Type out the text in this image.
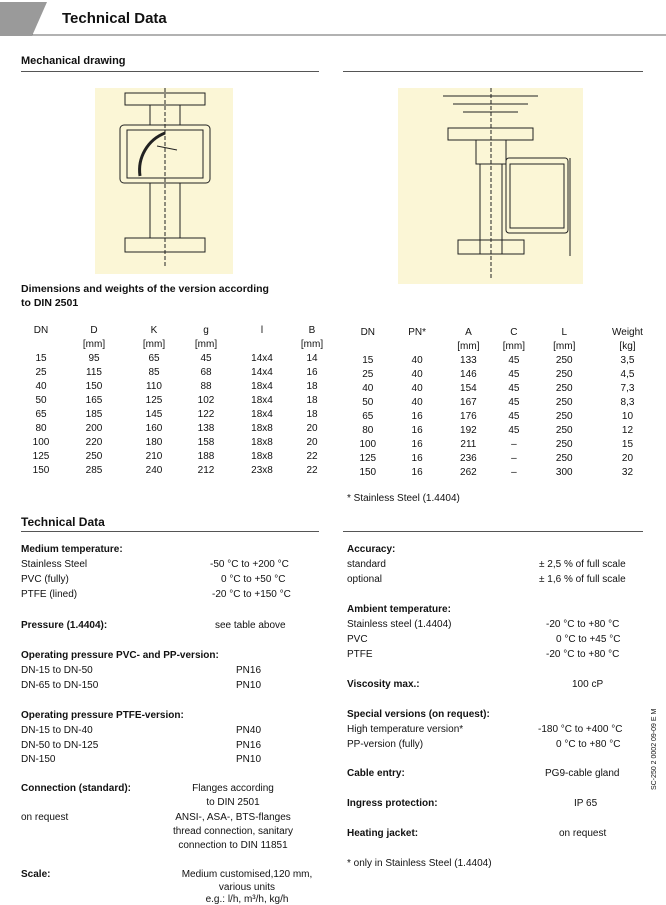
Technical Data
Mechanical drawing
Dimensions and weights of the version according
to DIN 2501
DN	D	K	g	l	B
	[mm]	[mm]	[mm]		[mm]
15	95	65	45	14x4	14
25	115	85	68	14x4	16
40	150	110	88	18x4	18
50	165	125	102	18x4	18
65	185	145	122	18x4	18
80	200	160	138	18x8	20
100	220	180	158	18x8	20
125	250	210	188	18x8	22
150	285	240	212	23x8	22
DN	PN*	A	C	L	Weight
		[mm]	[mm]	[mm]	[kg]
15	40	133	45	250	3,5
25	40	146	45	250	4,5
40	40	154	45	250	7,3
50	40	167	45	250	8,3
65	16	176	45	250	10
80	16	192	45	250	12
100	16	211	–	250	15
125	16	236	–	250	20
150	16	262	–	300	32
* Stainless Steel (1.4404)
Technical Data
Medium temperature:
Stainless Steel	-50 °C to +200 °C
PVC (fully)	0 °C to +50 °C
PTFE (lined)	-20 °C to +150 °C
Pressure (1.4404):	see table above
Operating pressure PVC- and PP-version:
DN-15 to DN-50	PN16
DN-65 to DN-150	PN10
Operating pressure PTFE-version:
DN-15 to DN-40	PN40
DN-50 to DN-125	PN16
DN-150	PN10
Connection (standard):	Flanges according
to DIN 2501
on request	ANSI-, ASA-, BTS-flanges
thread connection, sanitary
connection to DIN 11851
Scale:	Medium customised,120 mm,
various units
e.g.: l/h, m³/h, kg/h
Accuracy:
standard	± 2,5 % of full scale
optional	± 1,6 % of full scale
Ambient temperature:
Stainless steel (1.4404)	-20 °C to +80 °C
PVC	0 °C to +45 °C
PTFE	-20 °C to +80 °C
Viscosity max.:	100 cP
Special versions (on request):
High temperature version*	-180 °C to +400 °C
PP-version (fully)	0 °C to +80 °C
Cable entry:	PG9-cable gland
Ingress protection:	IP 65
Heating jacket:	on request
* only in Stainless Steel (1.4404)
SC-250 2 0002 09-09 E M
